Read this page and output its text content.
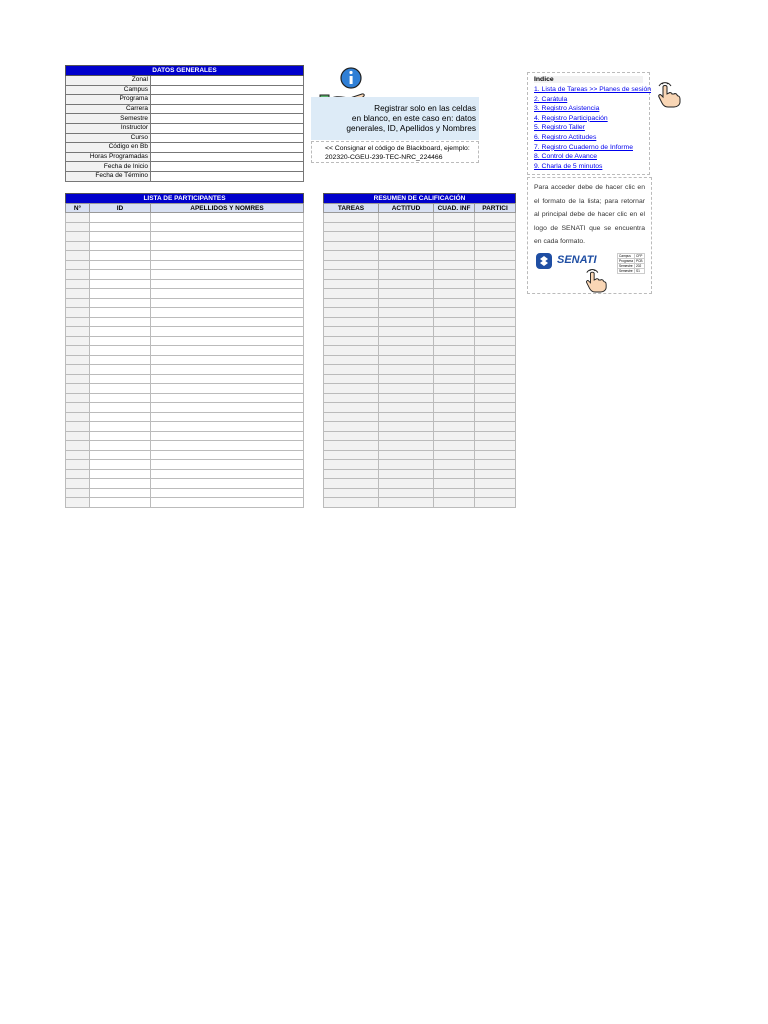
DATOS GENERALES	
Zonal	
Campus	
Programa	
Carrera	
Semestre	
Instructor	
Curso	
Código en Bb	
Horas Programadas	
Fecha de Inicio	
Fecha de Término	
Registrar solo en las celdas
en blanco, en este caso en: datos
generales, ID, Apellidos y Nombres
<< Consignar el código de Blackboard, ejemplo:
202320-CGEU-239-TEC-NRC_224466
Indice
1. Lista de Tareas >> Planes de sesión
2. Carátula
3. Registro Asistencia
4. Registro Participación
5. Registro Taller
6. Registro Actitudes
7. Registro Cuaderno de Informe
8. Control de Avance
9. Charla de 5 minutos
Para acceder debe de hacer clic en el formato de la lista; para retornar al principal debe de hacer clic en el logo de SENATI que se encuentra en cada formato.
SENATI	Campus	CFP
Programa	PCB
Semestre	202
Semestre	S1
LISTA DE PARTICIPANTES		
N°	ID	APELLIDOS Y NOMRES

RESUMEN DE CALIFICACIÓN			
TAREAS	ACTITUD	CUAD. INF	PARTICI
